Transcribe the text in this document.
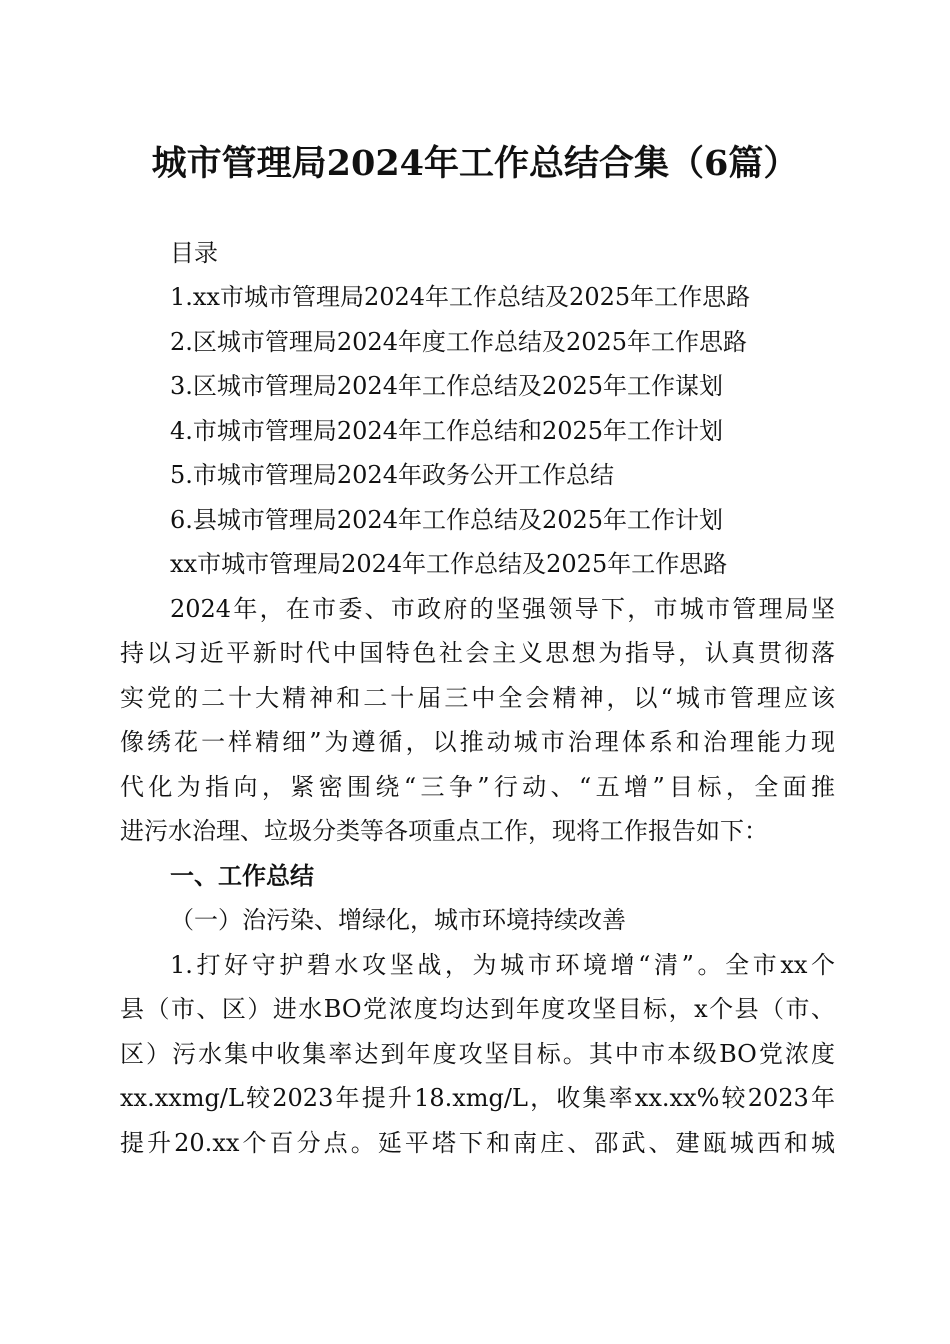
城市管理局2024年工作总结合集（6篇）
目录
1.xx市城市管理局2024年工作总结及2025年工作思路
2.区城市管理局2024年度工作总结及2025年工作思路
3.区城市管理局2024年工作总结及2025年工作谋划
4.市城市管理局2024年工作总结和2025年工作计划
5.市城市管理局2024年政务公开工作总结
6.县城市管理局2024年工作总结及2025年工作计划
xx市城市管理局2024年工作总结及2025年工作思路
2024年，在市委、市政府的坚强领导下，市城市管理局坚
持以习近平新时代中国特色社会主义思想为指导，认真贯彻落
实党的二十大精神和二十届三中全会精神，以“城市管理应该
像绣花一样精细”为遵循，以推动城市治理体系和治理能力现
代化为指向，紧密围绕“三争”行动、“五增”目标，全面推
进污水治理、垃圾分类等各项重点工作，现将工作报告如下：
一、工作总结
（一）治污染、增绿化，城市环境持续改善
1.打好守护碧水攻坚战，为城市环境增“清”。全市xx个
县（市、区）进水BO党浓度均达到年度攻坚目标，x个县（市、
区）污水集中收集率达到年度攻坚目标。其中市本级BO党浓度
xx.xxmg/L较2023年提升18.xmg/L，收集率xx.xx%较2023年
提升20.xx个百分点。延平塔下和南庄、邵武、建瓯城西和城
